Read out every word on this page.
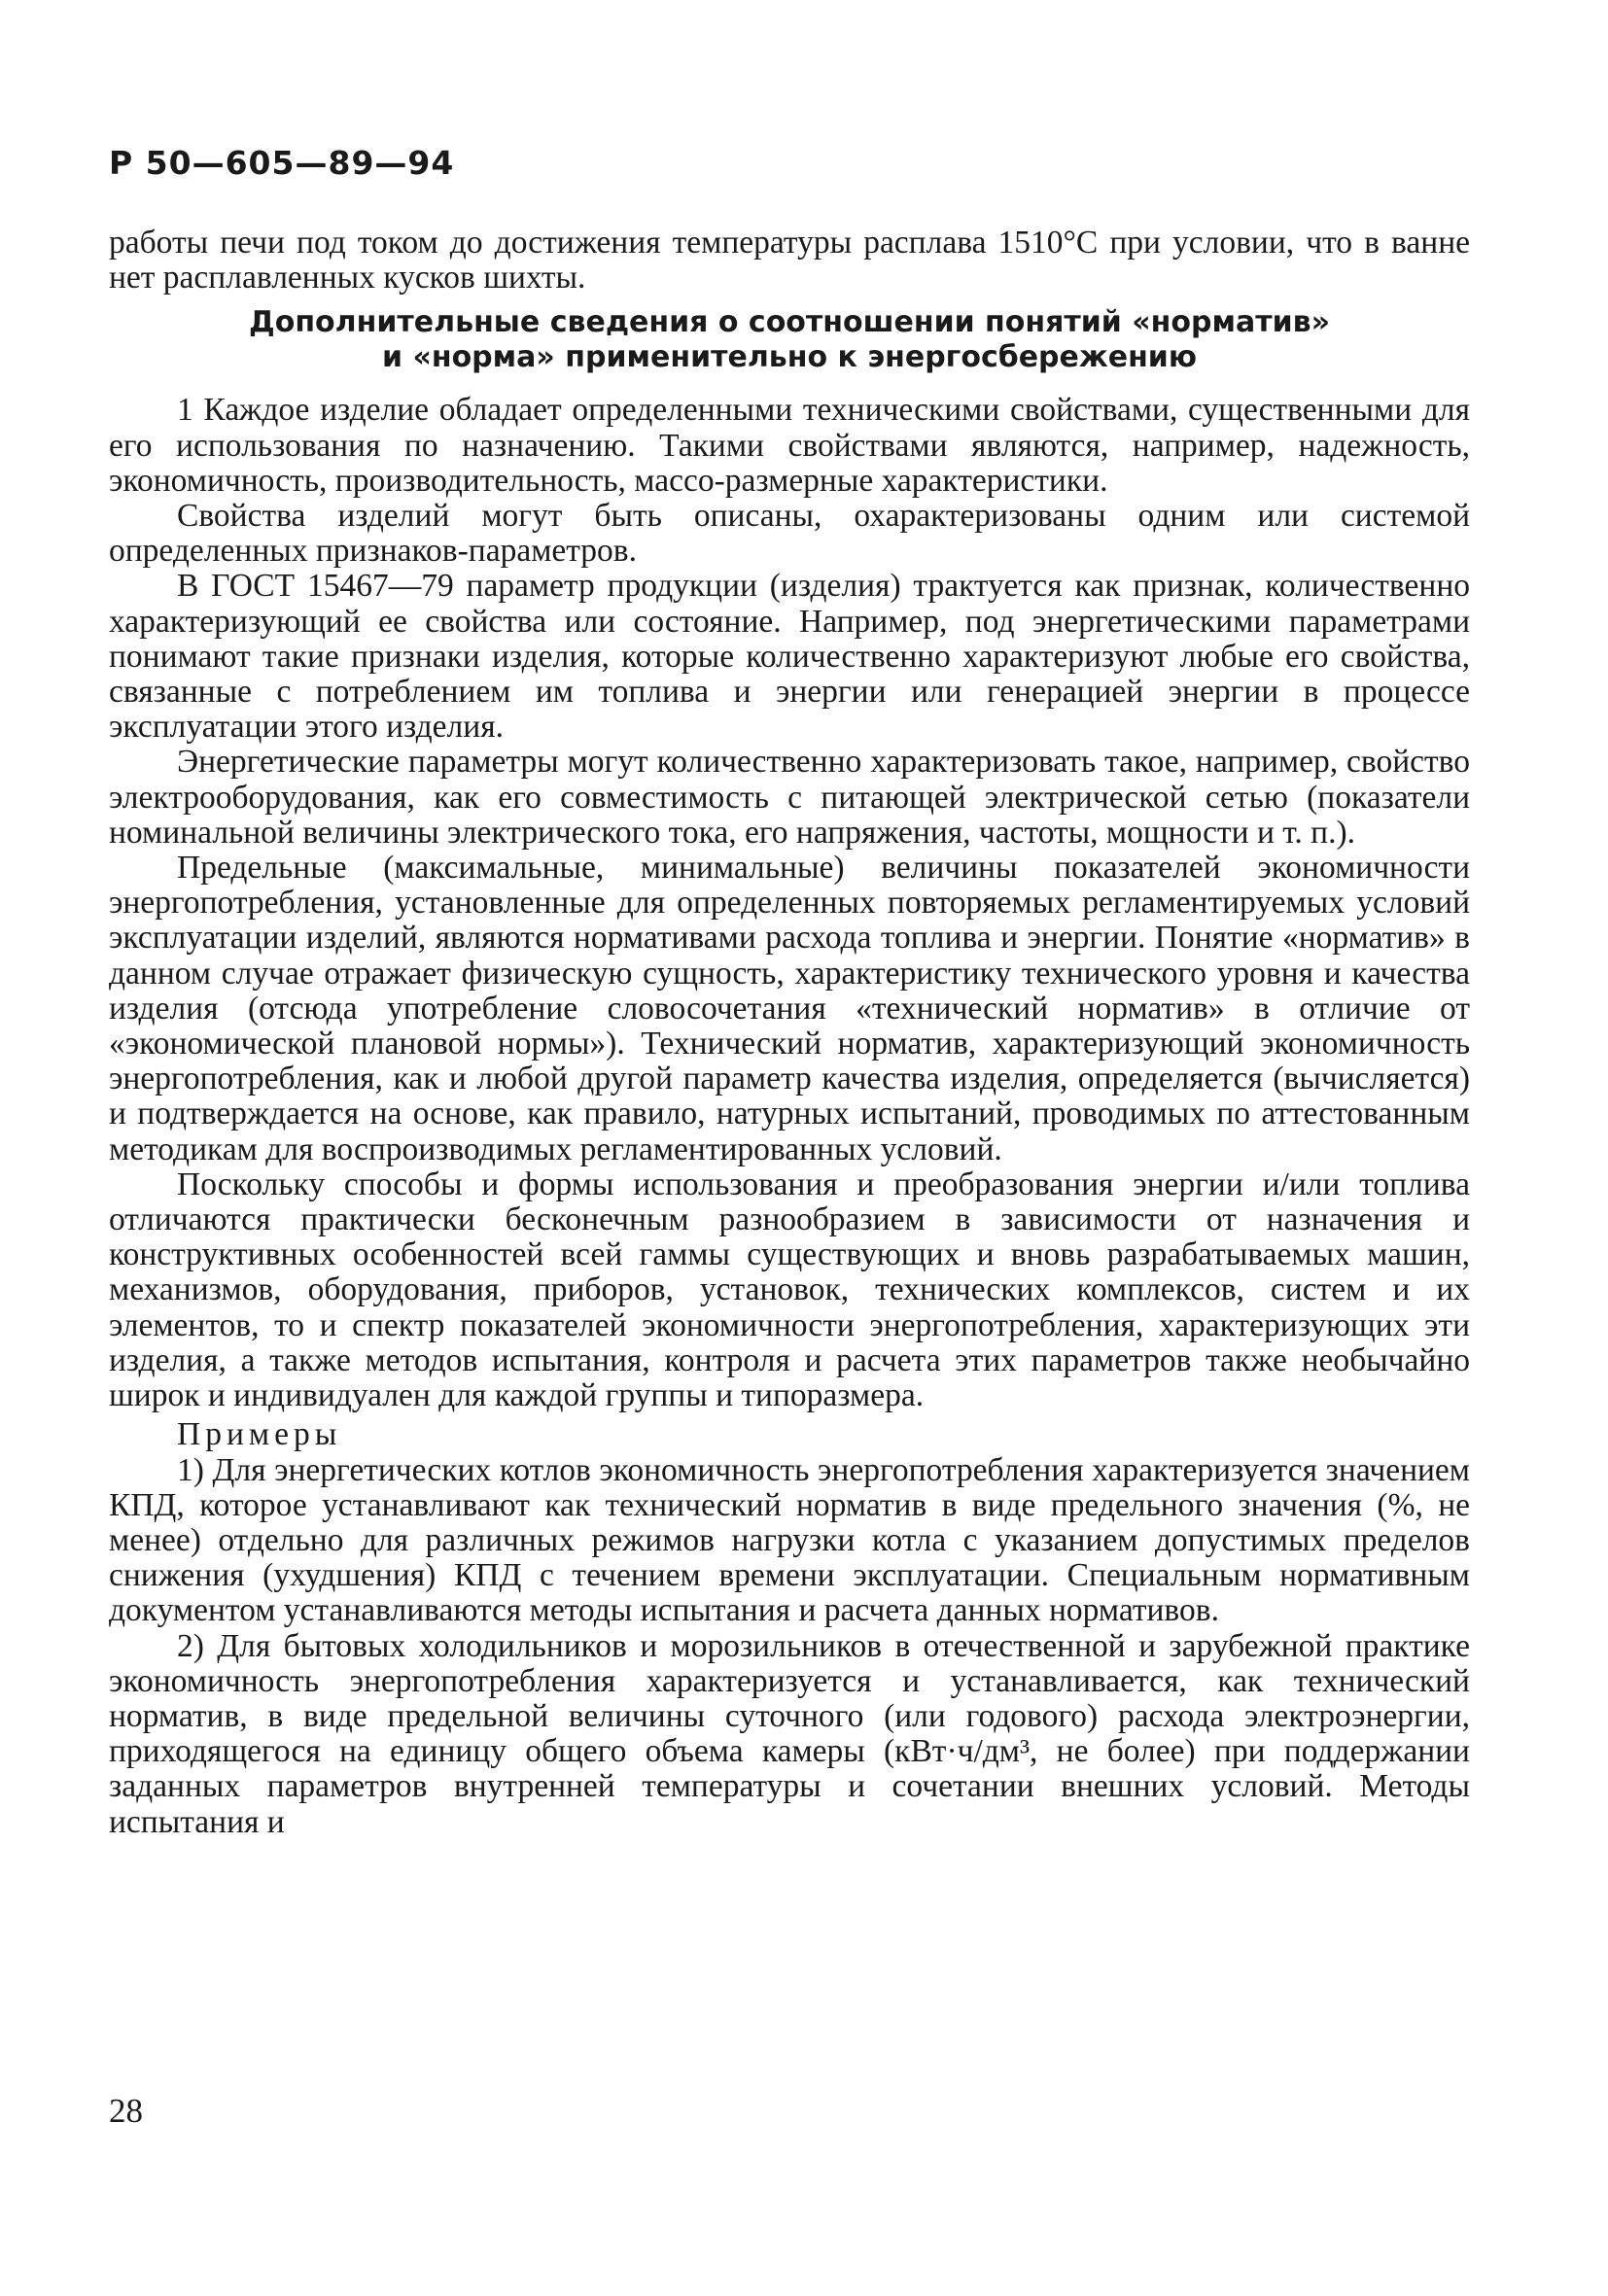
Р 50—605—89—94

работы печи под током до достижения температуры расплава 1510°С при условии, что в ванне нет расплавленных кусков шихты.

Дополнительные сведения о соотношении понятий «норматив»
и «норма» применительно к энергосбережению

1 Каждое изделие обладает определенными техническими свойствами, существенными для его использования по назначению. Такими свойствами являются, например, надежность, экономичность, производительность, массо-размерные характеристики.

Свойства изделий могут быть описаны, охарактеризованы одним или системой определенных признаков-параметров.

В ГОСТ 15467—79 параметр продукции (изделия) трактуется как признак, количественно характеризующий ее свойства или состояние. Например, под энергетическими параметрами понимают такие признаки изделия, которые количественно характеризуют любые его свойства, связанные с потреблением им топлива и энергии или генерацией энергии в процессе эксплуатации этого изделия.

Энергетические параметры могут количественно характеризовать такое, например, свойство электрооборудования, как его совместимость с питающей электрической сетью (показатели номинальной величины электрического тока, его напряжения, частоты, мощности и т. п.).

Предельные (максимальные, минимальные) величины показателей экономичности энергопотребления, установленные для определенных повторяемых регламентируемых условий эксплуатации изделий, являются нормативами расхода топлива и энергии. Понятие «норматив» в данном случае отражает физическую сущность, характеристику технического уровня и качества изделия (отсюда употребление словосочетания «технический норматив» в отличие от «экономической плановой нормы»). Технический норматив, характеризующий экономичность энергопотребления, как и любой другой параметр качества изделия, определяется (вычисляется) и подтверждается на основе, как правило, натурных испытаний, проводимых по аттестованным методикам для воспроизводимых регламентированных условий.

Поскольку способы и формы использования и преобразования энергии и/или топлива отличаются практически бесконечным разнообразием в зависимости от назначения и конструктивных особенностей всей гаммы существующих и вновь разрабатываемых машин, механизмов, оборудования, приборов, установок, технических комплексов, систем и их элементов, то и спектр показателей экономичности энергопотребления, характеризующих эти изделия, а также методов испытания, контроля и расчета этих параметров также необычайно широк и индивидуален для каждой группы и типоразмера.

Примеры

1) Для энергетических котлов экономичность энергопотребления характеризуется значением КПД, которое устанавливают как технический норматив в виде предельного значения (%, не менее) отдельно для различных режимов нагрузки котла с указанием допустимых пределов снижения (ухудшения) КПД с течением времени эксплуатации. Специальным нормативным документом устанавливаются методы испытания и расчета данных нормативов.

2) Для бытовых холодильников и морозильников в отечественной и зарубежной практике экономичность энергопотребления характеризуется и устанавливается, как технический норматив, в виде предельной величины суточного (или годового) расхода электроэнергии, приходящегося на единицу общего объема камеры (кВт·ч/дм³, не более) при поддержании заданных параметров внутренней температуры и сочетании внешних условий. Методы испытания и

28
